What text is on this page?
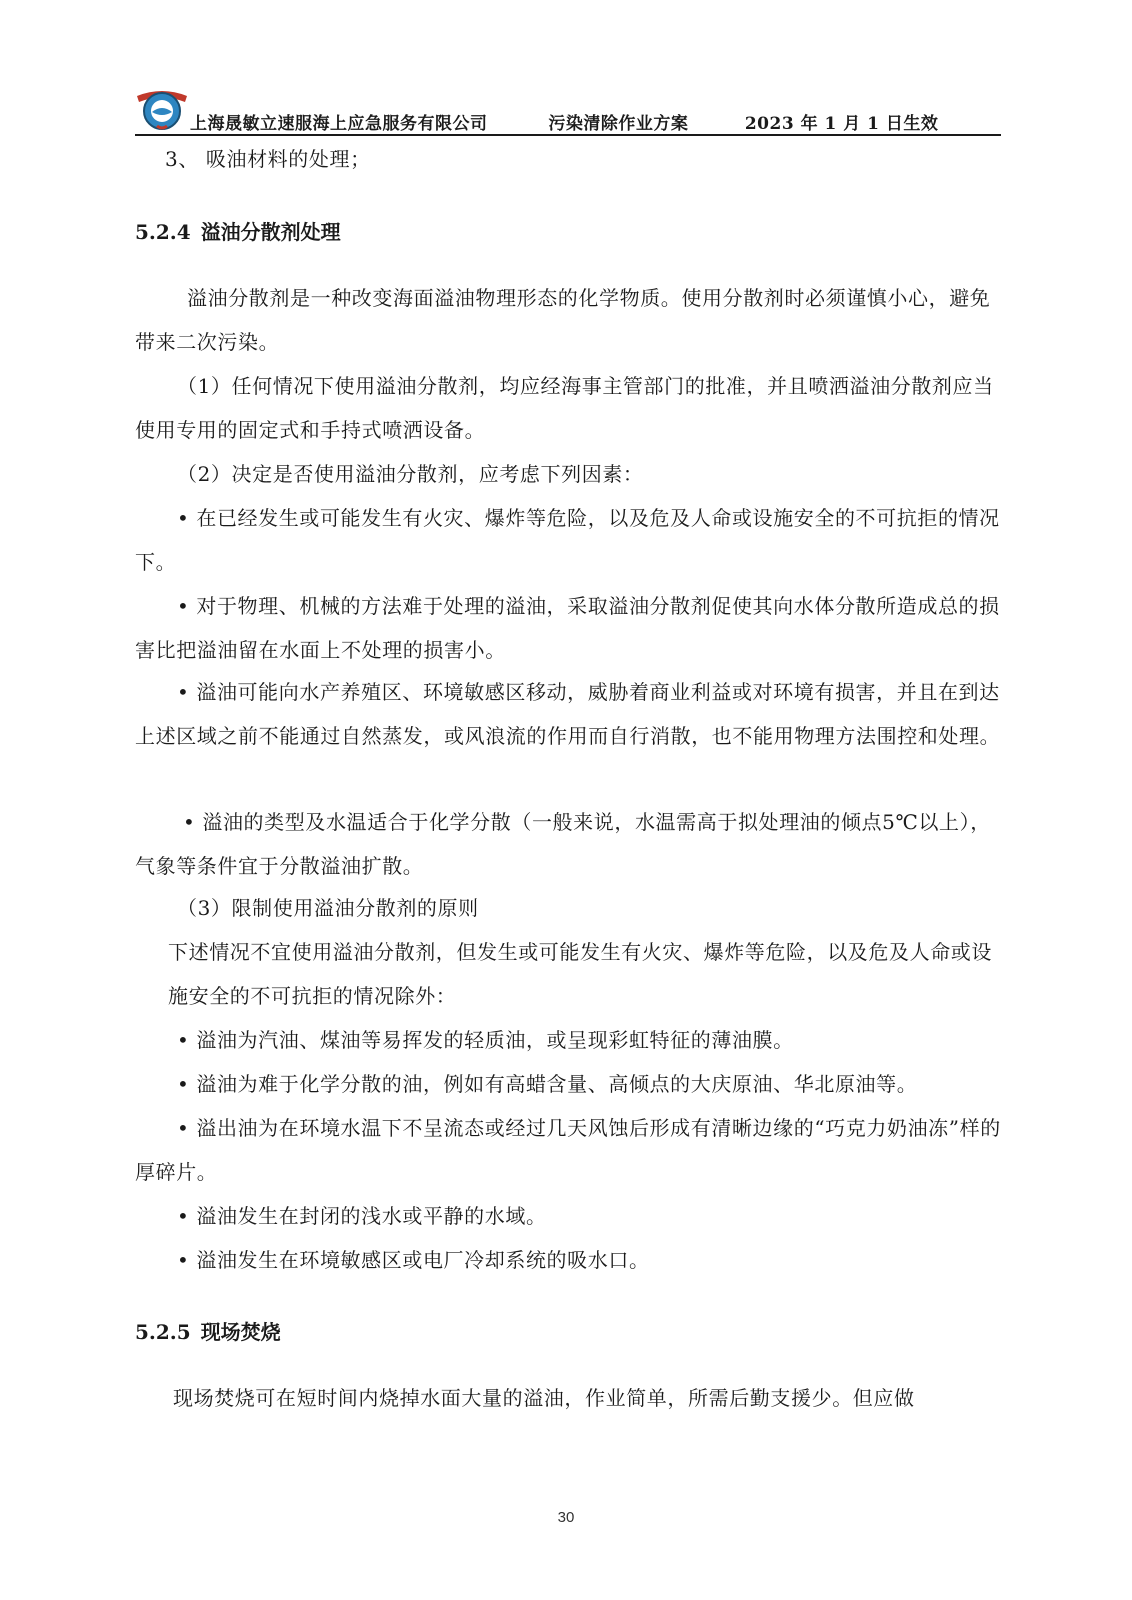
上海晟敏立速服海上应急服务有限公司	污染清除作业方案	2023 年 1 月 1 日生效

3、 吸油材料的处理；

5.2.4 溢油分散剂处理

溢油分散剂是一种改变海面溢油物理形态的化学物质。使用分散剂时必须谨慎小心，避免带来二次污染。

（1）任何情况下使用溢油分散剂，均应经海事主管部门的批准，并且喷洒溢油分散剂应当使用专用的固定式和手持式喷洒设备。

（2）决定是否使用溢油分散剂，应考虑下列因素：

• 在已经发生或可能发生有火灾、爆炸等危险，以及危及人命或设施安全的不可抗拒的情况下。

• 对于物理、机械的方法难于处理的溢油，采取溢油分散剂促使其向水体分散所造成总的损害比把溢油留在水面上不处理的损害小。

• 溢油可能向水产养殖区、环境敏感区移动，威胁着商业利益或对环境有损害，并且在到达上述区域之前不能通过自然蒸发，或风浪流的作用而自行消散，也不能用物理方法围控和处理。

• 溢油的类型及水温适合于化学分散（一般来说，水温需高于拟处理油的倾点5℃以上），气象等条件宜于分散溢油扩散。

（3）限制使用溢油分散剂的原则

下述情况不宜使用溢油分散剂，但发生或可能发生有火灾、爆炸等危险，以及危及人命或设施安全的不可抗拒的情况除外：

• 溢油为汽油、煤油等易挥发的轻质油，或呈现彩虹特征的薄油膜。

• 溢油为难于化学分散的油，例如有高蜡含量、高倾点的大庆原油、华北原油等。

• 溢出油为在环境水温下不呈流态或经过几天风蚀后形成有清晰边缘的“巧克力奶油冻”样的厚碎片。

• 溢油发生在封闭的浅水或平静的水域。

• 溢油发生在环境敏感区或电厂冷却系统的吸水口。

5.2.5 现场焚烧

现场焚烧可在短时间内烧掉水面大量的溢油，作业简单，所需后勤支援少。但应做

30
